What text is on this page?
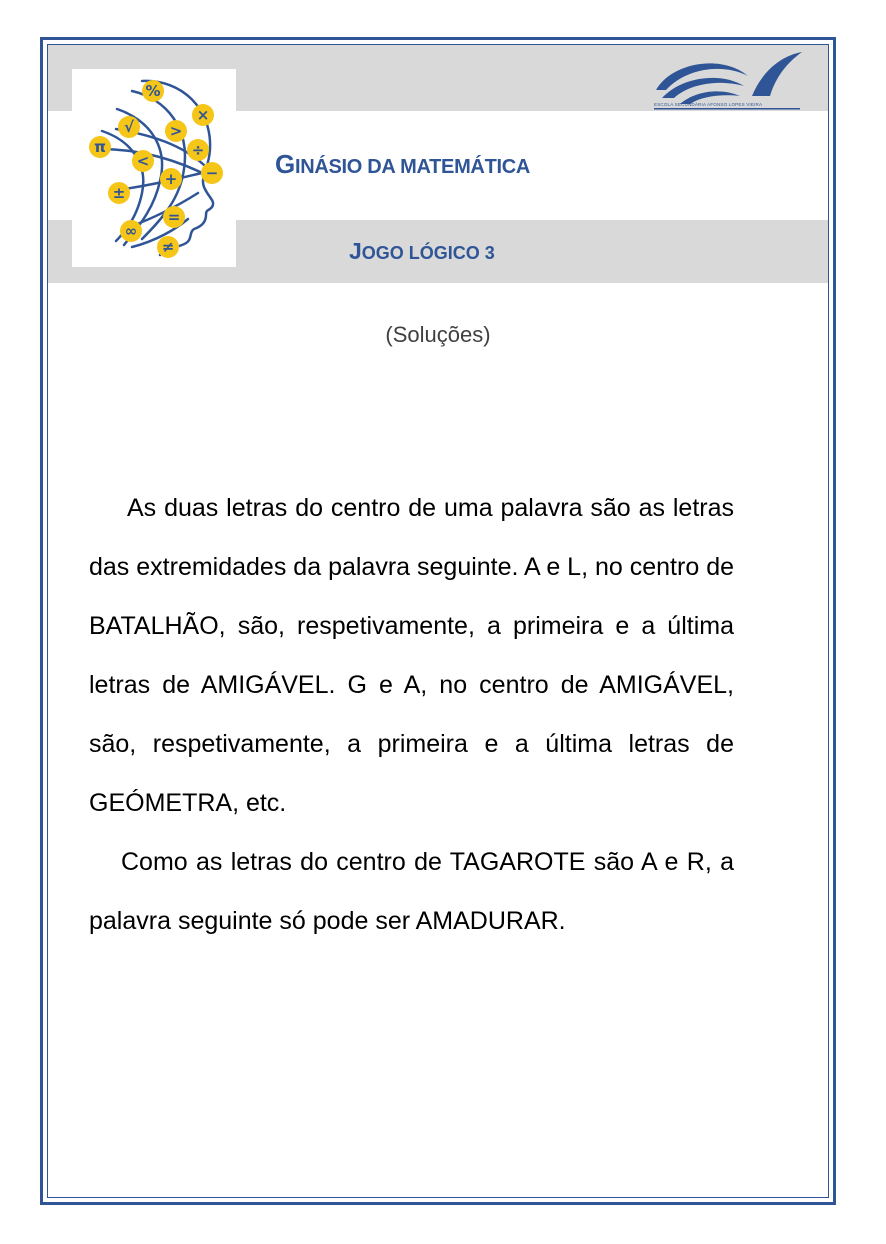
%
×
√ >
π
<
÷
−
+
±
=
∞
≠
ESCOLA SECUNDÁRIA AFONSO LOPES VIEIRA
GINÁSIO DA MATEMÁTICA
JOGO LÓGICO 3
(Soluções)

As duas letras do centro de uma palavra são as letras das extremidades da palavra seguinte. A e L, no centro de BATALHÃO, são, respetivamente, a primeira e a última letras de AMIGÁVEL. G e A, no centro de AMIGÁVEL, são, respetivamente, a primeira e a última letras de GEÓMETRA, etc.

Como as letras do centro de TAGAROTE são A e R, a palavra seguinte só pode ser AMADURAR.
